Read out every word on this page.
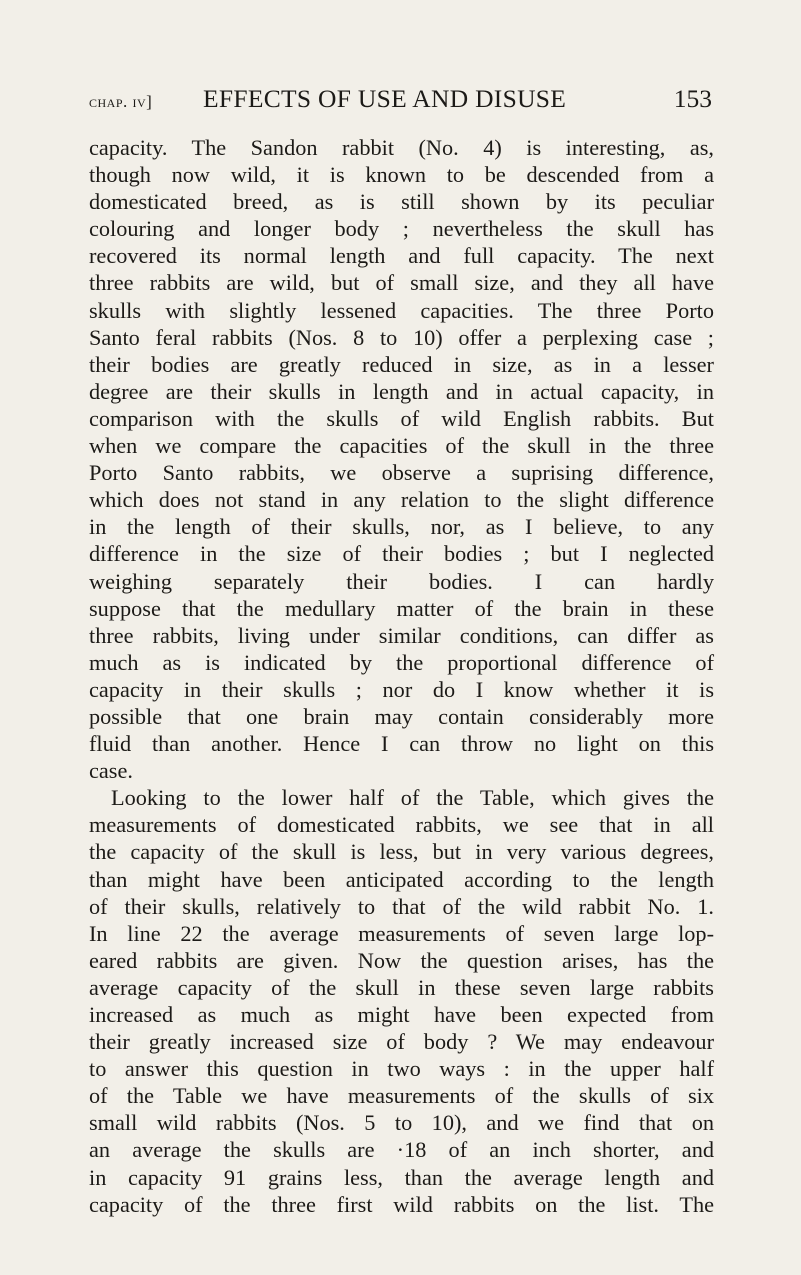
chap. iv] EFFECTS OF USE AND DISUSE	153
capacity. The Sandon rabbit (No. 4) is interesting, as,
though now wild, it is known to be descended from a
domesticated breed, as is still shown by its peculiar
colouring and longer body ; nevertheless the skull has
recovered its normal length and full capacity. The next
three rabbits are wild, but of small size, and they all have
skulls with slightly lessened capacities. The three Porto
Santo feral rabbits (Nos. 8 to 10) offer a perplexing case ;
their bodies are greatly reduced in size, as in a lesser
degree are their skulls in length and in actual capacity, in
comparison with the skulls of wild English rabbits. But
when we compare the capacities of the skull in the three
Porto Santo rabbits, we observe a suprising difference,
which does not stand in any relation to the slight difference
in the length of their skulls, nor, as I believe, to any
difference in the size of their bodies ; but I neglected
weighing separately their bodies. I can hardly
suppose that the medullary matter of the brain in these
three rabbits, living under similar conditions, can differ as
much as is indicated by the proportional difference of
capacity in their skulls ; nor do I know whether it is
possible that one brain may contain considerably more
fluid than another. Hence I can throw no light on this
case.
Looking to the lower half of the Table, which gives the
measurements of domesticated rabbits, we see that in all
the capacity of the skull is less, but in very various degrees,
than might have been anticipated according to the length
of their skulls, relatively to that of the wild rabbit No. 1.
In line 22 the average measurements of seven large lop-
eared rabbits are given. Now the question arises, has the
average capacity of the skull in these seven large rabbits
increased as much as might have been expected from
their greatly increased size of body ? We may endeavour
to answer this question in two ways : in the upper half
of the Table we have measurements of the skulls of six
small wild rabbits (Nos. 5 to 10), and we find that on
an average the skulls are ·18 of an inch shorter, and
in capacity 91 grains less, than the average length and
capacity of the three first wild rabbits on the list. The
